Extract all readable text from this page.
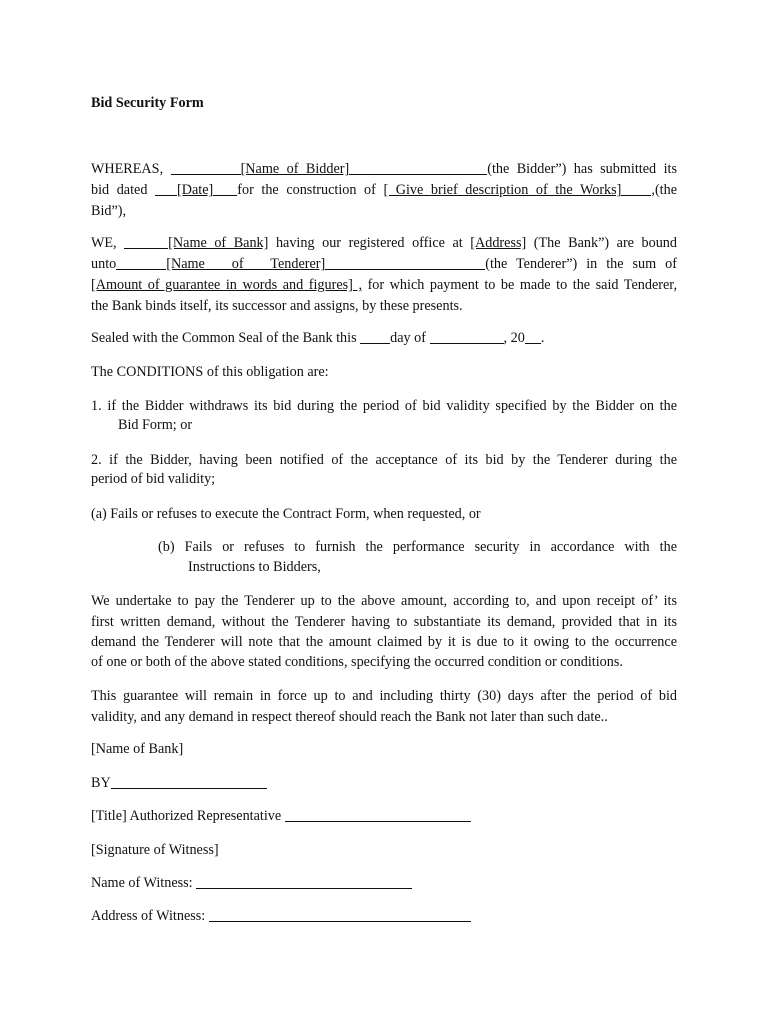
Bid Security Form
WHEREAS,	[Name of Bidder]	(the Bidder”) has submitted its
bid dated [Date] for the construction of [ Give brief description of the Works] ,(the
Bid”),
WE,	[Name of Bank] having our registered office at [Address] (The Bank”) are bound
unto	[Name   of   Tenderer]	(the Tenderer”) in the sum of
[Amount of guarantee in words and figures] , for which payment to be made to the said Tenderer,
the Bank binds itself, its successor and assigns, by these presents.
Sealed with the Common Seal of the Bank this day of	, 20 .
The CONDITIONS of this obligation are:
1. if the Bidder withdraws its bid during the period of bid validity specified by the Bidder on the
Bid Form; or
2. if the Bidder, having been notified of the acceptance of its bid by the Tenderer during the
period of bid validity;
(a) Fails or refuses to execute the Contract Form, when requested, or
(b) Fails or refuses to furnish the performance security in accordance with the
Instructions to Bidders,
We undertake to pay the Tenderer up to the above amount, according to, and upon receipt of’ its
first written demand, without the Tenderer having to substantiate its demand, provided that in its
demand the Tenderer will note that the amount claimed by it is due to it owing to the occurrence
of one or both of the above stated conditions, specifying the occurred condition or conditions.
This guarantee will remain in force up to and including thirty (30) days after the period of bid
validity, and any demand in respect thereof should reach the Bank not later than such date..
[Name of Bank]
BY
[Title] Authorized Representative
[Signature of Witness]
Name of Witness:
Address of Witness:
